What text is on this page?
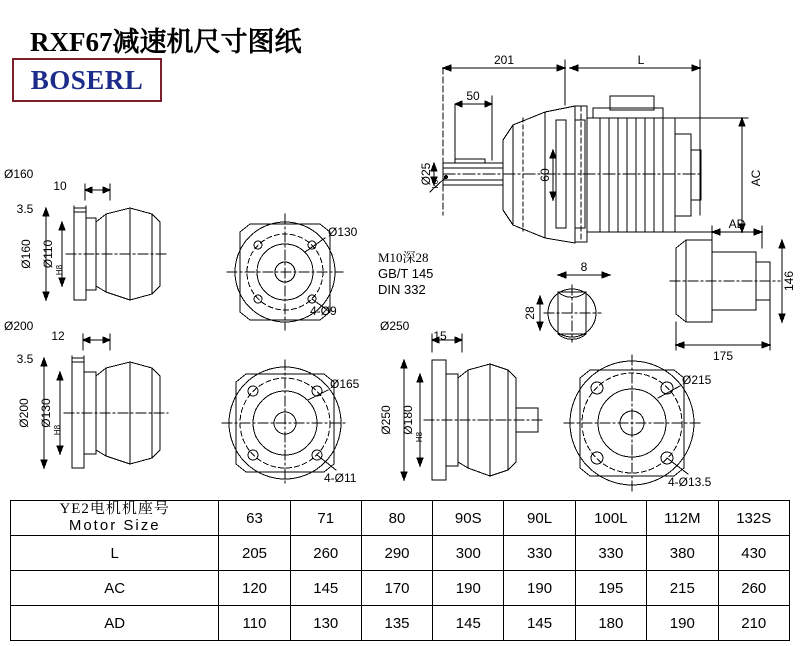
RXF67减速机尺寸图纸
BOSERL
201	L
50
AC
Ø25
k6
60
AD
146
175
8
28
M10深28
GB/T 145
DIN 332
Ø160
10
3.5
Ø160 Ø110
H8
Ø130
4-Ø9
Ø200
12
3.5
Ø200 Ø130
H8
Ø165
4-Ø11
Ø250
15
Ø250 Ø180
H8
Ø215
4-Ø13.5
YE2电机机座号
Motor Size	63	71	80	90S	90L	100L	112M	132S
L	205	260	290	300	330	330	380	430
AC	120	145	170	190	190	195	215	260
AD	110	130	135	145	145	180	190	210
